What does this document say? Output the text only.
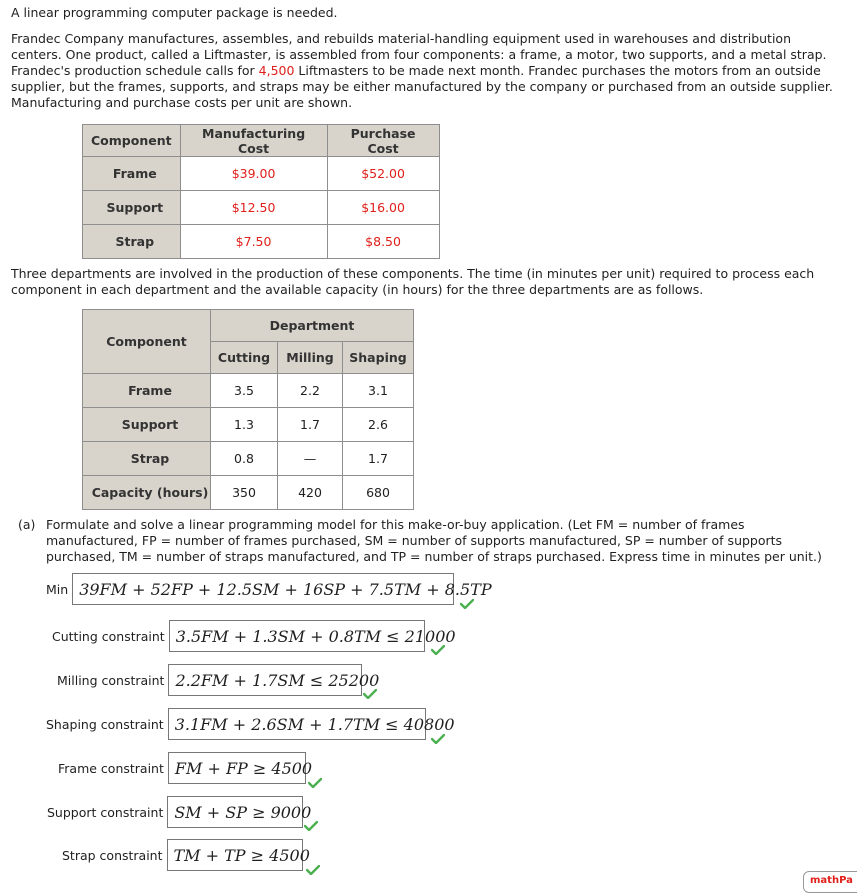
A linear programming computer package is needed.

Frandec Company manufactures, assembles, and rebuilds material-handling equipment used in warehouses and distribution centers. One product, called a Liftmaster, is assembled from four components: a frame, a motor, two supports, and a metal strap. Frandec's production schedule calls for 4,500 Liftmasters to be made next month. Frandec purchases the motors from an outside supplier, but the frames, supports, and straps may be either manufactured by the company or purchased from an outside supplier. Manufacturing and purchase costs per unit are shown.

Component	Manufacturing Cost	Purchase Cost
Frame	$39.00	$52.00
Support	$12.50	$16.00
Strap	$7.50	$8.50
Three departments are involved in the production of these components. The time (in minutes per unit) required to process each component in each department and the available capacity (in hours) for the three departments are as follows.
Component	Department		
	Cutting	Milling	Shaping
Frame	3.5	2.2	3.1
Support	1.3	1.7	2.6
Strap	0.8	—	1.7
Capacity (hours)	350	420	680
(a) Formulate and solve a linear programming model for this make-or-buy application. (Let FM = number of frames manufactured, FP = number of frames purchased, SM = number of supports manufactured, SP = number of supports purchased, TM = number of straps manufactured, and TP = number of straps purchased. Express time in minutes per unit.)
Min 39FM + 52FP + 12.5SM + 16SP + 7.5TM + 8.5TP
Cutting constraint 3.5FM + 1.3SM + 0.8TM ≤ 21000
Milling constraint 2.2FM + 1.7SM ≤ 25200
Shaping constraint 3.1FM + 2.6SM + 1.7TM ≤ 40800
Frame constraint FM + FP ≥ 4500
Support constraint SM + SP ≥ 9000
Strap constraint TM + TP ≥ 4500
mathPa
